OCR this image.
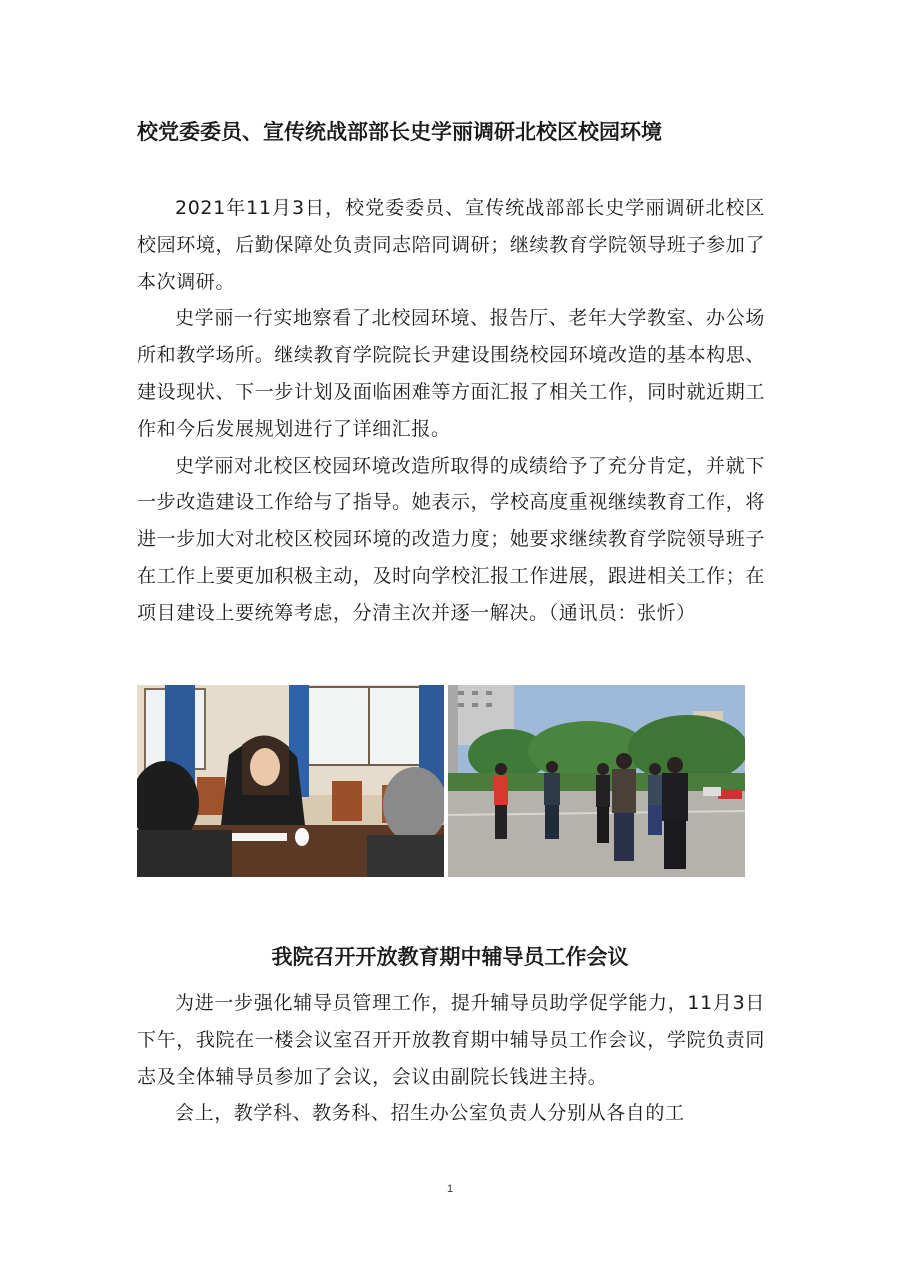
校党委委员、宣传统战部部长史学丽调研北校区校园环境

2021年11月3日，校党委委员、宣传统战部部长史学丽调研北校区校园环境，后勤保障处负责同志陪同调研；继续教育学院领导班子参加了本次调研。

史学丽一行实地察看了北校园环境、报告厅、老年大学教室、办公场所和教学场所。继续教育学院院长尹建设围绕校园环境改造的基本构思、建设现状、下一步计划及面临困难等方面汇报了相关工作，同时就近期工作和今后发展规划进行了详细汇报。

史学丽对北校区校园环境改造所取得的成绩给予了充分肯定，并就下一步改造建设工作给与了指导。她表示，学校高度重视继续教育工作，将进一步加大对北校区校园环境的改造力度；她要求继续教育学院领导班子在工作上要更加积极主动，及时向学校汇报工作进展，跟进相关工作；在项目建设上要统筹考虑，分清主次并逐一解决。（通讯员：张忻）

我院召开开放教育期中辅导员工作会议

为进一步强化辅导员管理工作，提升辅导员助学促学能力，11月3日下午，我院在一楼会议室召开开放教育期中辅导员工作会议，学院负责同志及全体辅导员参加了会议，会议由副院长钱进主持。

会上，教学科、教务科、招生办公室负责人分别从各自的工

1
